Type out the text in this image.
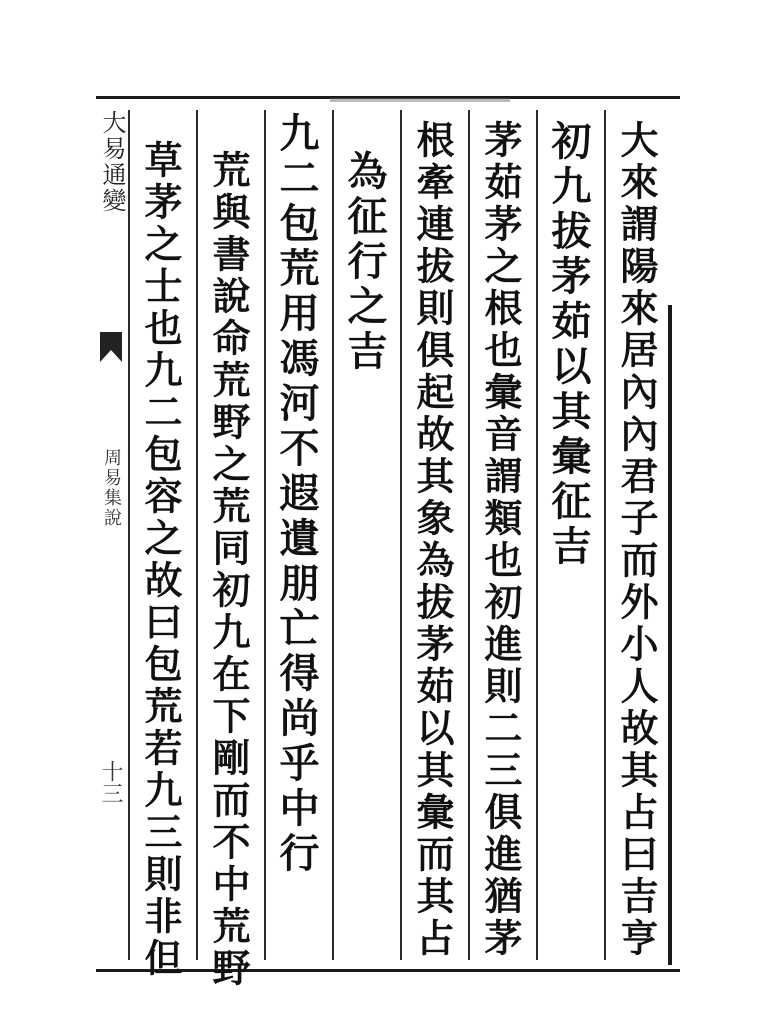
大易通變
周易集說
十三	大來謂陽來居內內君子而外小人故其占曰吉亨
初九拔茅茹以其彙征吉
茅茹茅之根也彙音謂類也初進則二三俱進猶茅
根牽連拔則俱起故其象為拔茅茹以其彙而其占
為征行之吉
九二包荒用馮河不遐遺朋亡得尚乎中行
荒與書說命荒野之荒同初九在下剛而不中荒野
草茅之士也九二包容之故曰包荒若九三則非但
